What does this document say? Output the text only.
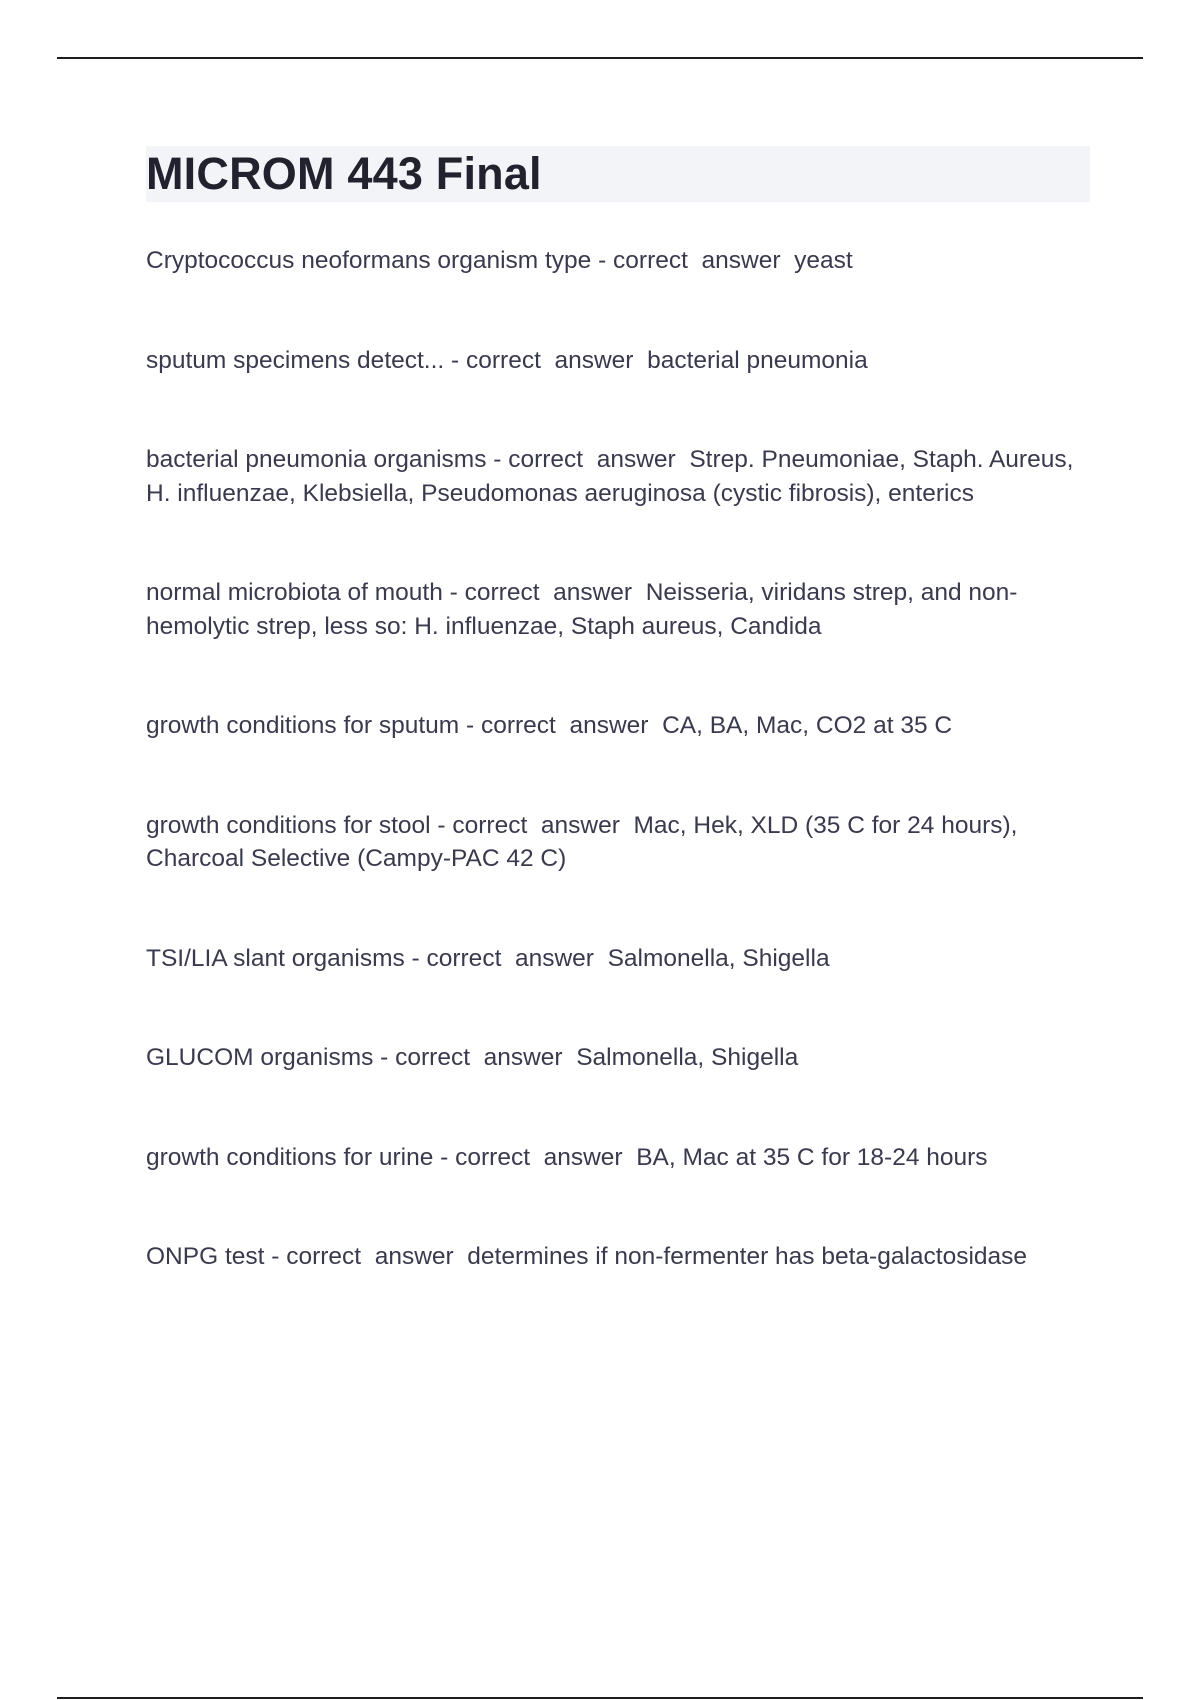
MICROM 443 Final

Cryptococcus neoformans organism type - correct  answer  yeast

sputum specimens detect... - correct  answer  bacterial pneumonia

bacterial pneumonia organisms - correct  answer  Strep. Pneumoniae, Staph. Aureus, H. influenzae, Klebsiella, Pseudomonas aeruginosa (cystic fibrosis), enterics

normal microbiota of mouth - correct  answer  Neisseria, viridans strep, and non-hemolytic strep, less so: H. influenzae, Staph aureus, Candida

growth conditions for sputum - correct  answer  CA, BA, Mac, CO2 at 35 C

growth conditions for stool - correct  answer  Mac, Hek, XLD (35 C for 24 hours), Charcoal Selective (Campy-PAC 42 C)

TSI/LIA slant organisms - correct  answer  Salmonella, Shigella

GLUCOM organisms - correct  answer  Salmonella, Shigella

growth conditions for urine - correct  answer  BA, Mac at 35 C for 18-24 hours

ONPG test - correct  answer  determines if non-fermenter has beta-galactosidase
